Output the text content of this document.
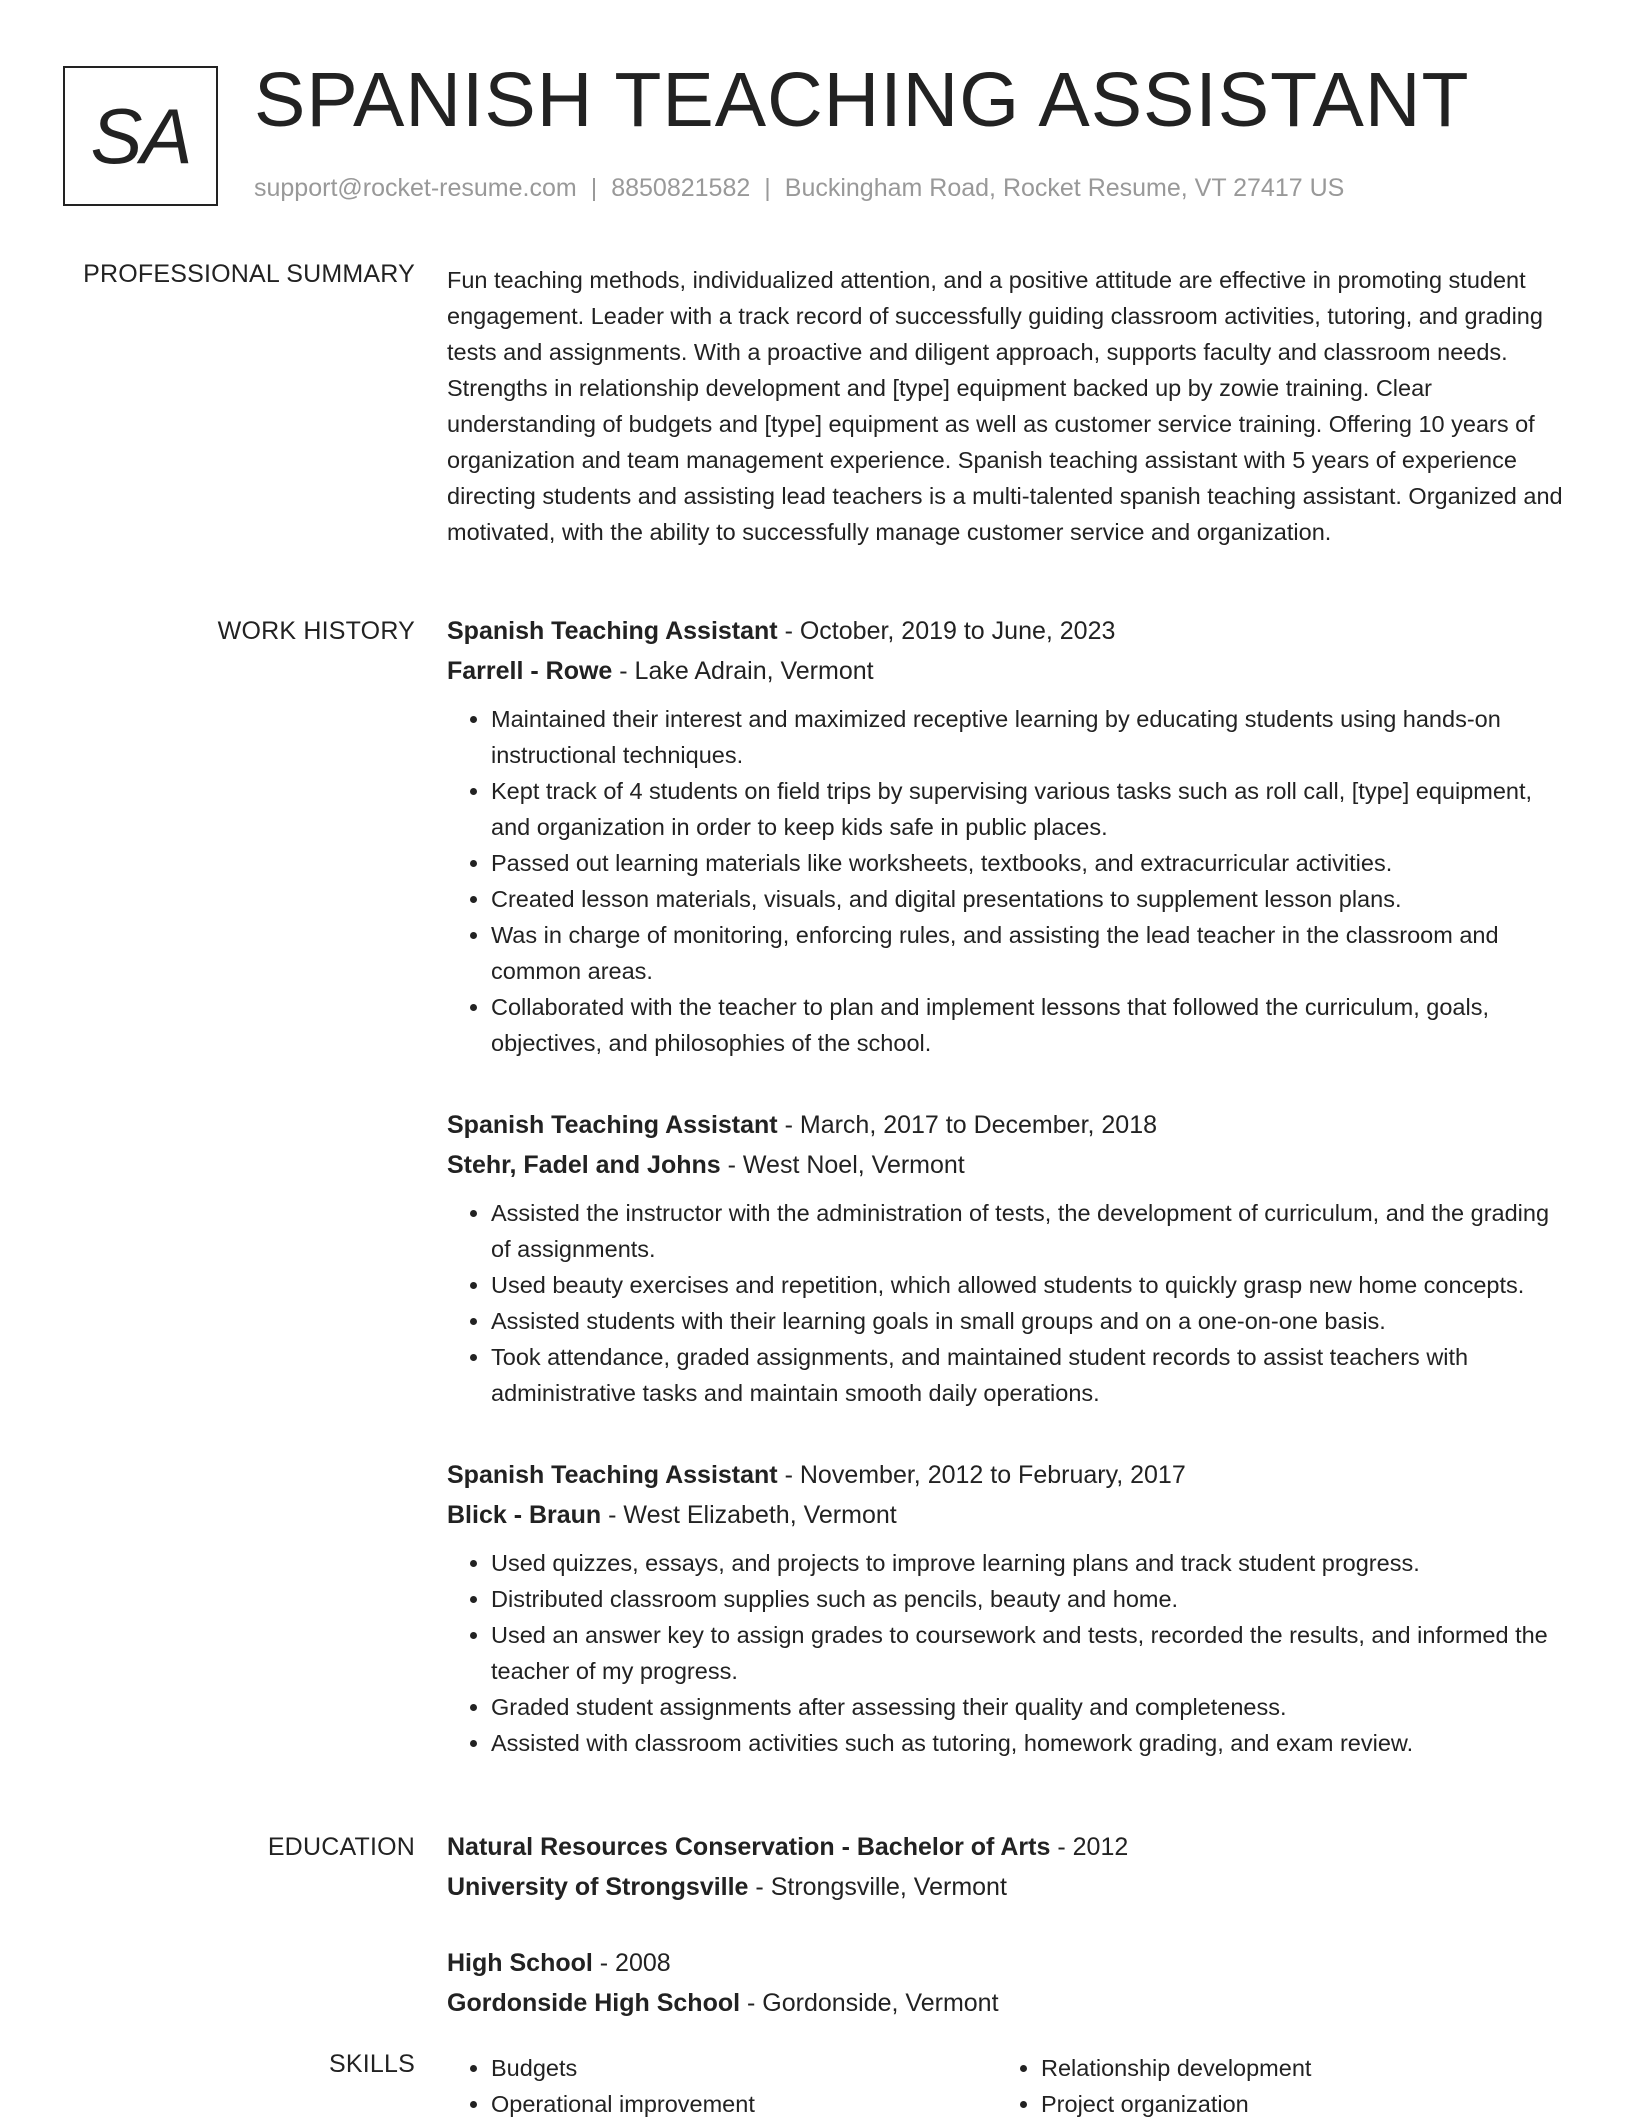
SA SPANISH TEACHING ASSISTANT
support@rocket-resume.com | 8850821582 | Buckingham Road, Rocket Resume, VT 27417 US
PROFESSIONAL SUMMARY Fun teaching methods, individualized attention, and a positive attitude are effective in promoting student engagement. Leader with a track record of successfully guiding classroom activities, tutoring, and grading tests and assignments. With a proactive and diligent approach, supports faculty and classroom needs. Strengths in relationship development and [type] equipment backed up by zowie training. Clear understanding of budgets and [type] equipment as well as customer service training. Offering 10 years of organization and team management experience. Spanish teaching assistant with 5 years of experience directing students and assisting lead teachers is a multi-talented spanish teaching assistant. Organized and motivated, with the ability to successfully manage customer service and organization.

WORK HISTORY Spanish Teaching Assistant - October, 2019 to June, 2023
Farrell - Rowe - Lake Adrain, Vermont
• Maintained their interest and maximized receptive learning by educating students using hands-on instructional techniques.
• Kept track of 4 students on field trips by supervising various tasks such as roll call, [type] equipment, and organization in order to keep kids safe in public places.
• Passed out learning materials like worksheets, textbooks, and extracurricular activities.
• Created lesson materials, visuals, and digital presentations to supplement lesson plans.
• Was in charge of monitoring, enforcing rules, and assisting the lead teacher in the classroom and common areas.
• Collaborated with the teacher to plan and implement lessons that followed the curriculum, goals, objectives, and philosophies of the school.
Spanish Teaching Assistant - March, 2017 to December, 2018
Stehr, Fadel and Johns - West Noel, Vermont
• Assisted the instructor with the administration of tests, the development of curriculum, and the grading of assignments.
• Used beauty exercises and repetition, which allowed students to quickly grasp new home concepts.
• Assisted students with their learning goals in small groups and on a one-on-one basis.
• Took attendance, graded assignments, and maintained student records to assist teachers with administrative tasks and maintain smooth daily operations.
Spanish Teaching Assistant - November, 2012 to February, 2017
Blick - Braun - West Elizabeth, Vermont
• Used quizzes, essays, and projects to improve learning plans and track student progress.
• Distributed classroom supplies such as pencils, beauty and home.
• Used an answer key to assign grades to coursework and tests, recorded the results, and informed the teacher of my progress.
• Graded student assignments after assessing their quality and completeness.
• Assisted with classroom activities such as tutoring, homework grading, and exam review.
EDUCATION Natural Resources Conservation - Bachelor of Arts - 2012
University of Strongsville - Strongsville, Vermont
High School - 2008
Gordonside High School - Gordonside, Vermont
SKILLS
•	Budgets
• Operational improvement
• Relationship development
• Project organization
